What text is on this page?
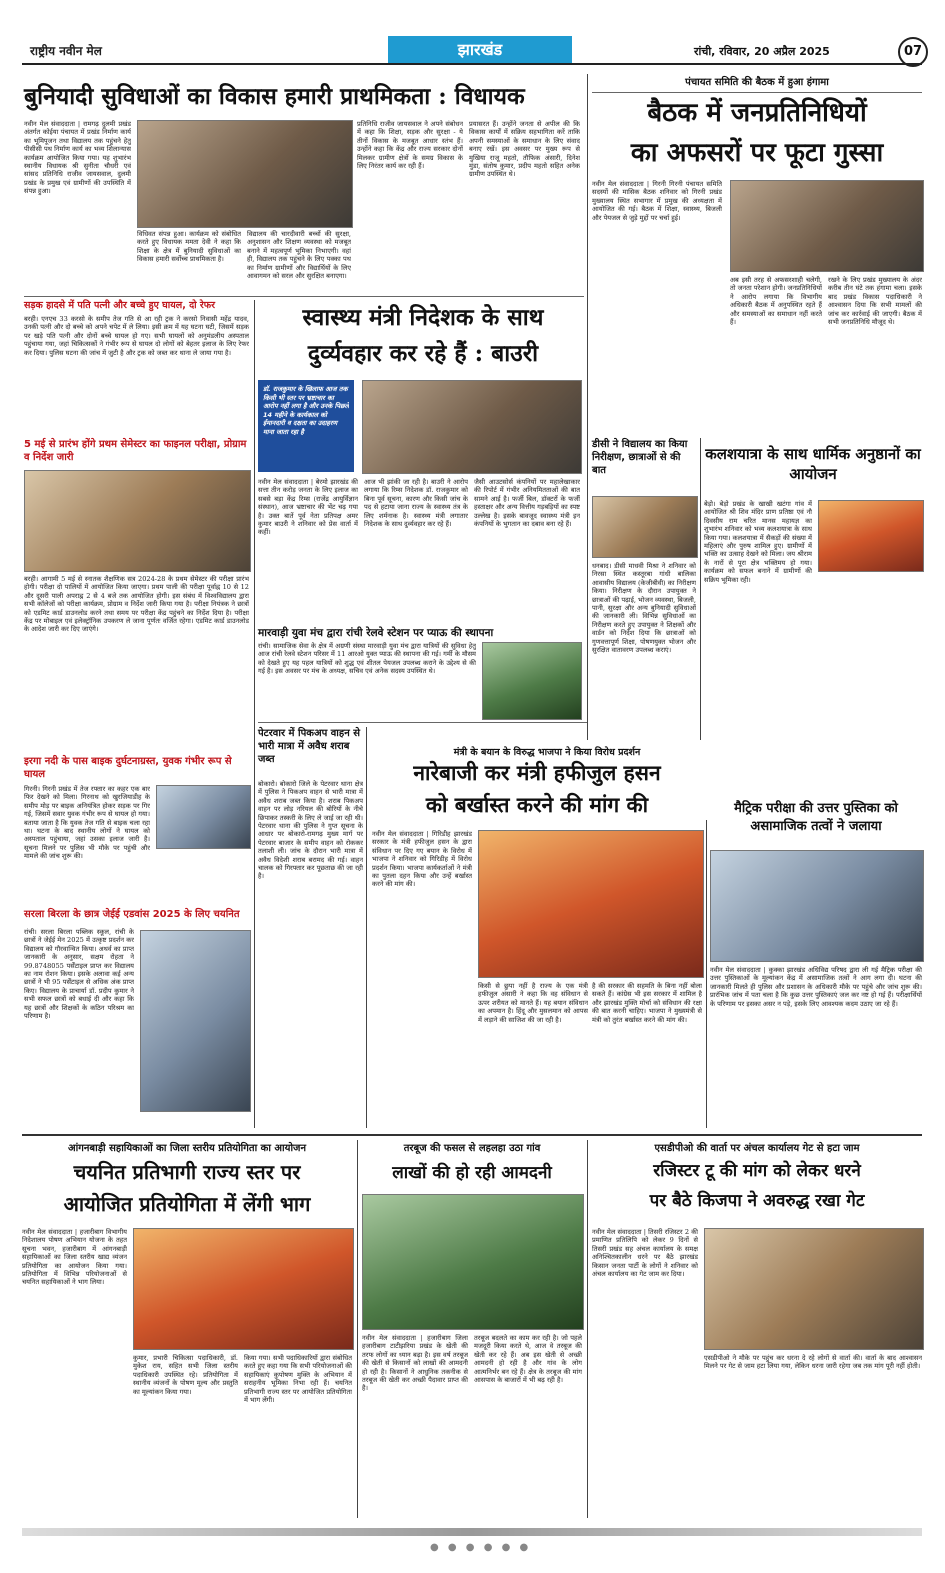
राष्ट्रीय नवीन मेल	झारखंड	रांची, रविवार, 20 अप्रैल 2025	07
बुनियादी सुविधाओं का विकास हमारी प्राथमिकता : विधायक
नवीन मेल संवाददाता | रामगढ़ दुलमी प्रखंड अंतर्गत कोईया पंचायत में प्रखंड निर्माण कार्य का भूमिपूजन तथा विद्यालय तक पहुंचने हेतु पीसीसी पथ निर्माण कार्य का भव्य शिलान्यास कार्यक्रम आयोजित किया गया। यह शुभारंभ स्थानीय विधायक श्री सुनीता चौधरी एवं सांसद प्रतिनिधि राजीव जायसवाल, दुलमी प्रखंड के प्रमुख एवं ग्रामीणों की उपस्थिति में संपन्न हुआ।
विधिवत संपन्न हुआ। कार्यक्रम को संबोधित करते हुए विधायक ममता देवी ने कहा कि शिक्षा के क्षेत्र में बुनियादी सुविधाओं का विकास हमारी सर्वोच्च प्राथमिकता है।
विद्यालय की चारदीवारी बच्चों की सुरक्षा, अनुशासन और शिक्षण व्यवस्था को मजबूत बनाने में महत्वपूर्ण भूमिका निभाएगी। वहां ही, विद्यालय तक पहुंचने के लिए पक्का पथ का निर्माण ग्रामीणों और विद्यार्थियों के लिए आवागमन को सरल और सुरक्षित बनाएगा।
प्रतिनिधि राजीव जायसवाल ने अपने संबोधन में कहा कि शिक्षा, सड़क और सुरक्षा - ये तीनों विकास के मजबूत आधार स्तंभ हैं। उन्होंने कहा कि केंद्र और राज्य सरकार दोनों मिलकर ग्रामीण क्षेत्रों के समग्र विकास के लिए निरंतर कार्य कर रही हैं।
प्रयासरत हैं। उन्होंने जनता से अपील की कि विकास कार्यों में सक्रिय सहभागिता करें ताकि अपनी समस्याओं के समाधान के लिए संवाद बनाए रखें। इस अवसर पर मुख्य रूप से मुखिया राजू महतो, तौफिक अंसारी, दिनेश मुंडा, संतोष कुमार, प्रदीप महतो सहित अनेक ग्रामीण उपस्थित थे।
सड़क हादसे में पति पत्नी और बच्चे हुए घायल, दो रेफर
बरही। एनएच 33 करसो के समीप तेज गति से आ रही ट्रक ने करसो निवासी महेंद्र यादव, उनकी पत्नी और दो बच्चे को अपने चपेट में ले लिया। इसी क्रम में यह घटना घटी, जिसमें सड़क पर खड़े पति पत्नी और दोनों बच्चे घायल हो गए। सभी घायलों को अनुमंडलीय अस्पताल पहुंचाया गया, जहां चिकित्सकों ने गंभीर रूप से घायल दो लोगों को बेहतर इलाज के लिए रेफर कर दिया। पुलिस घटना की जांच में जुटी है और ट्रक को जब्त कर थाना ले जाया गया है।
5 मई से प्रारंभ होंगे प्रथम सेमेस्टर का फाइनल परीक्षा, प्रोग्राम व निर्देश जारी
बरही। आगामी 5 मई से स्नातक शैक्षणिक सत्र 2024-28 के प्रथम सेमेस्टर की परीक्षा प्रारंभ होगी। परीक्षा दो पालियों में आयोजित किया जाएगा। प्रथम पाली की परीक्षा पूर्वाह्न 10 से 12 और दूसरी पाली अपराह्न 2 से 4 बजे तक आयोजित होगी। इस संबंध में विश्वविद्यालय द्वारा सभी कॉलेजों को परीक्षा कार्यक्रम, प्रोग्राम व निर्देश जारी किया गया है। परीक्षा नियंत्रक ने छात्रों को एडमिट कार्ड डाउनलोड करने तथा समय पर परीक्षा केंद्र पहुंचने का निर्देश दिया है। परीक्षा केंद्र पर मोबाइल एवं इलेक्ट्रॉनिक उपकरण ले जाना पूर्णतः वर्जित रहेगा। एडमिट कार्ड डाउनलोड के आदेश जारी कर दिए जाएंगे।
इरगा नदी के पास बाइक दुर्घटनाग्रस्त, युवक गंभीर रूप से घायल
गिरनी। गिरनी प्रखंड में तेज रफ्तार का कहर एक बार फिर देखने को मिला। गिरनाथ को खुरजियाडीह के समीप मोड़ पर बाइक अनियंत्रित होकर सड़क पर गिर गई, जिसमें सवार युवक गंभीर रूप से घायल हो गया। बताया जाता है कि युवक तेज गति से बाइक चला रहा था। घटना के बाद स्थानीय लोगों ने घायल को अस्पताल पहुंचाया, जहां उसका इलाज जारी है। सूचना मिलने पर पुलिस भी मौके पर पहुंची और मामले की जांच शुरू की।
सरला बिरला के छात्र जेईई एडवांस 2025 के लिए चयनित
रांची। सरला बिरला पब्लिक स्कूल, रांची के छात्रों ने जेईई मेन 2025 में उत्कृष्ट प्रदर्शन कर विद्यालय को गौरवान्वित किया। अथर्व का प्राप्त जानकारी के अनुसार, सक्षम रोहता ने 99.8748055 पर्सेंटाइल प्राप्त कर विद्यालय का नाम रोशन किया। इसके अलावा कई अन्य छात्रों ने भी 95 पर्सेंटाइल से अधिक अंक प्राप्त किए। विद्यालय के प्राचार्या डॉ. प्रदीप कुमार ने सभी सफल छात्रों को बधाई दी और कहा कि यह छात्रों और शिक्षकों के कठिन परिश्रम का परिणाम है।
स्वास्थ्य मंत्री निदेशक के साथ
दुर्व्यवहार कर रहे हैं : बाउरी
डॉ. राजकुमार के खिलाफ आज तक किसी भी स्तर पर भ्रष्टाचार का आरोप नहीं लगा है और उनके पिछले 14 महीने के कार्यकाल को ईमानदारी व दक्षता का उदाहरण माना जाता रहा है
नवीन मेल संवाददाता | बेरमो झारखंड की सत्ता तीन करोड़ जनता के लिए इलाज का सबसे बड़ा केंद्र रिम्स (राजेंद्र आयुर्विज्ञान संस्थान), आज भ्रष्टाचार की भेंट चढ़ गया है। उक्त बातें पूर्व नेता प्रतिपक्ष अमर कुमार बाउरी ने शनिवार को प्रेस वार्ता में कहीं।
आज भी झांकी जा रही है। बाउरी ने आरोप लगाया कि रिम्स निदेशक डॉ. राजकुमार को बिना पूर्व सूचना, कारण और किसी जांच के पद से हटाया जाना राज्य के स्वास्थ्य तंत्र के लिए शर्मनाक है। स्वास्थ्य मंत्री लगातार निदेशक के साथ दुर्व्यवहार कर रहे हैं।
जैसी आउटसोर्स कंपनियों पर महालेखाकार की रिपोर्ट में गंभीर अनियमितताओं की बात सामने आई है। फर्जी बिल, डॉक्टरों के फर्जी हस्ताक्षर और अन्य वित्तीय गड़बड़ियों का स्पष्ट उल्लेख है। इसके बावजूद स्वास्थ्य मंत्री इन कंपनियों के भुगतान का दबाव बना रहे हैं।
मारवाड़ी युवा मंच द्वारा रांची रेलवे स्टेशन पर प्याऊ की स्थापना
रांची। सामाजिक सेवा के क्षेत्र में अग्रणी संस्था मारवाड़ी युवा मंच द्वारा यात्रियों की सुविधा हेतु आज रांची रेलवे स्टेशन परिसर में 11 आरओ युक्त प्याऊ की स्थापना की गई। गर्मी के मौसम को देखते हुए यह पहल यात्रियों को शुद्ध एवं शीतल पेयजल उपलब्ध कराने के उद्देश्य से की गई है। इस अवसर पर मंच के अध्यक्ष, सचिव एवं अनेक सदस्य उपस्थित थे।
पेटरवार में पिकअप वाहन से भारी मात्रा में अवैध शराब जब्त
बोकारो। बोकारो जिले के पेटरवार थाना क्षेत्र में पुलिस ने पिकअप वाहन से भारी मात्रा में अवैध शराब जब्त किया है। शराब पिकअप वाहन पर लोड़ नरियल की बोरियों के नीचे छिपाकर तस्करी के लिए ले जाई जा रही थी। पेटरवार थाना की पुलिस ने गुप्त सूचना के आधार पर बोकारो-रामगढ़ मुख्य मार्ग पर पेटरवार बाजार के समीप वाहन को रोककर तलाशी ली। जांच के दौरान भारी मात्रा में अवैध विदेशी शराब बरामद की गई। वाहन चालक को गिरफ्तार कर पूछताछ की जा रही है।
मंत्री के बयान के विरुद्ध भाजपा ने किया विरोध प्रदर्शन
नारेबाजी कर मंत्री हफीजुल हसन
को बर्खास्त करने की मांग की
नवीन मेल संवाददाता | गिरिडीह झारखंड सरकार के मंत्री हफीजुल हसन के द्वारा संविधान पर दिए गए बयान के विरोध में भाजपा ने शनिवार को गिरिडीह में विरोध प्रदर्शन किया। भाजपा कार्यकर्ताओं ने मंत्री का पुतला दहन किया और उन्हें बर्खास्त करने की मांग की।
किसी से छुपा नहीं है राज्य के एक मंत्री हफीजुल अंसारी ने कहा कि वह संविधान से ऊपर शरीयत को मानते हैं। यह बयान संविधान का अपमान है। हिंदू और मुसलमान को आपस में लड़ाने की साजिश की जा रही है।
है की सरकार की सहमति के बिना नहीं बोला सकते हैं। कांग्रेस भी इस सरकार में शामिल है और झारखंड मुक्ति मोर्चा को संविधान की रक्षा की बात करनी चाहिए। भाजपा ने मुख्यमंत्री से मंत्री को तुरंत बर्खास्त करने की मांग की।
मैट्रिक परीक्षा की उत्तर पुस्तिका को असामाजिक तत्वों ने जलाया
नवीन मेल संवाददाता | कुक्का झारखंड अधिविद्य परिषद द्वारा ली गई मैट्रिक परीक्षा की उत्तर पुस्तिकाओं के मूल्यांकन केंद्र में असामाजिक तत्वों ने आग लगा दी। घटना की जानकारी मिलते ही पुलिस और प्रशासन के अधिकारी मौके पर पहुंचे और जांच शुरू की। प्रारंभिक जांच में पता चला है कि कुछ उत्तर पुस्तिकाएं जल कर नष्ट हो गई हैं। परीक्षार्थियों के परिणाम पर इसका असर न पड़े, इसके लिए आवश्यक कदम उठाए जा रहे हैं।
पंचायत समिति की बैठक में हुआ हंगामा
बैठक में जनप्रतिनिधियों
का अफसरों पर फूटा गुस्सा
नवीन मेल संवाददाता | गिरनी गिरनी पंचायत समिति सदस्यों की मासिक बैठक शनिवार को गिरनी प्रखंड मुख्यालय स्थित सभागार में प्रमुख की अध्यक्षता में आयोजित की गई। बैठक में शिक्षा, स्वास्थ्य, बिजली और पेयजल से जुड़े मुद्दों पर चर्चा हुई।
अब इसी तरह से अफसरशाही चलेगी, तो जनता परेशान होगी। जनप्रतिनिधियों ने आरोप लगाया कि विभागीय अधिकारी बैठक में अनुपस्थित रहते हैं और समस्याओं का समाधान नहीं करते हैं।
रखने के लिए प्रखंड मुख्यालय के अंदर करीब तीन घंटे तक हंगामा चला। इसके बाद प्रखंड विकास पदाधिकारी ने आश्वासन दिया कि सभी मामलों की जांच कर कार्रवाई की जाएगी। बैठक में सभी जनप्रतिनिधि मौजूद थे।
डीसी ने विद्यालय का किया निरीक्षण, छात्राओं से की बात
धनबाद। डीसी माधवी मिश्रा ने शनिवार को निरसा स्थित कस्तूरबा गांधी बालिका आवासीय विद्यालय (केजीबीवी) का निरीक्षण किया। निरीक्षण के दौरान उपायुक्त ने छात्राओं की पढ़ाई, भोजन व्यवस्था, बिजली, पानी, सुरक्षा और अन्य बुनियादी सुविधाओं की जानकारी ली। विभिन्न सुविधाओं का निरीक्षण करते हुए उपायुक्त ने शिक्षकों और वार्डन को निर्देश दिया कि छात्राओं को गुणवत्तापूर्ण शिक्षा, पोषणयुक्त भोजन और सुरक्षित वातावरण उपलब्ध कराएं।
कलशयात्रा के साथ धार्मिक अनुष्ठानों का आयोजन
बेड़ो। बेड़ो प्रखंड के खाखी खटंगा गांव में आयोजित श्री शिव मंदिर प्राण प्रतिष्ठा एवं नौ दिवसीय राम चरित मानस महायज्ञ का शुभारंभ शनिवार को भव्य कलशयात्रा के साथ किया गया। कलशयात्रा में सैकड़ों की संख्या में महिलाएं और पुरुष शामिल हुए। ग्रामीणों में भक्ति का उत्साह देखने को मिला। जय श्रीराम के नारों से पूरा क्षेत्र भक्तिमय हो गया। कार्यक्रम को सफल बनाने में ग्रामीणों की सक्रिय भूमिका रही।
आंगनबाड़ी सहायिकाओं का जिला स्तरीय प्रतियोगिता का आयोजन	तरबूज की फसल से लहलहा उठा गांव	एसडीपीओ की वार्ता पर अंचल कार्यालय गेट से हटा जाम
चयनित प्रतिभागी राज्य स्तर पर
आयोजित प्रतियोगिता में लेंगी भाग
नवीन मेल संवाददाता | हजारीबाग विभागीय निदेशालय पोषण अभियान योजना के तहत सूचना भवन, हजारीबाग में आंगनबाड़ी सहायिकाओं का जिला स्तरीय खाद्य व्यंजन प्रतियोगिता का आयोजन किया गया। प्रतियोगिता में विभिन्न परियोजनाओं से चयनित सहायिकाओं ने भाग लिया।
कुमार, प्रभारी चिकित्सा पदाधिकारी, डॉ. मुकेश राय, सहित सभी जिला स्तरीय पदाधिकारी उपस्थित रहे। प्रतियोगिता में स्थानीय व्यंजनों के पोषण मूल्य और प्रस्तुति का मूल्यांकन किया गया।
किया गया। सभी पदाधिकारियों द्वारा संबोधित करते हुए कहा गया कि सभी परियोजनाओं की सहायिकाएं कुपोषण मुक्ति के अभियान में सराहनीय भूमिका निभा रही हैं। चयनित प्रतिभागी राज्य स्तर पर आयोजित प्रतियोगिता में भाग लेंगी।
लाखों की हो रही आमदनी
नवीन मेल संवाददाता | हजारीबाग जिला हजारीबाग टाटीझरिया प्रखंड के खेती की तरफ लोगों का ध्यान बढ़ा है। इस वर्ष तरबूज की खेती से किसानों को लाखों की आमदनी हो रही है। किसानों ने आधुनिक तकनीक से तरबूज की खेती कर अच्छी पैदावार प्राप्त की है।
तरबूज बदलते का काम कर रही है। जो पहले मजदूरी किया करते थे, आज वे तरबूज की खेती कर रहे हैं। अब इस खेती से अच्छी आमदनी हो रही है और गांव के लोग आत्मनिर्भर बन रहे हैं। क्षेत्र के तरबूज की मांग आसपास के बाजारों में भी बढ़ रही है।
रजिस्टर टू की मांग को लेकर धरने
पर बैठे किजपा ने अवरुद्ध रखा गेट
नवीन मेल संवाददाता | तिसरी रजिस्टर 2 की प्रमाणित प्रतिलिपि को लेकर 9 दिनों से तिसरी प्रखंड सह अंचल कार्यालय के समक्ष अनिश्चितकालीन धरने पर बैठे झारखंड किसान जनता पार्टी के लोगों ने शनिवार को अंचल कार्यालय का गेट जाम कर दिया।
एसडीपीओ ने मौके पर पहुंच कर धरना दे रहे लोगों से वार्ता की। वार्ता के बाद आश्वासन मिलने पर गेट से जाम हटा लिया गया, लेकिन धरना जारी रहेगा जब तक मांग पूरी नहीं होती।
● ● ● ● ● ●
